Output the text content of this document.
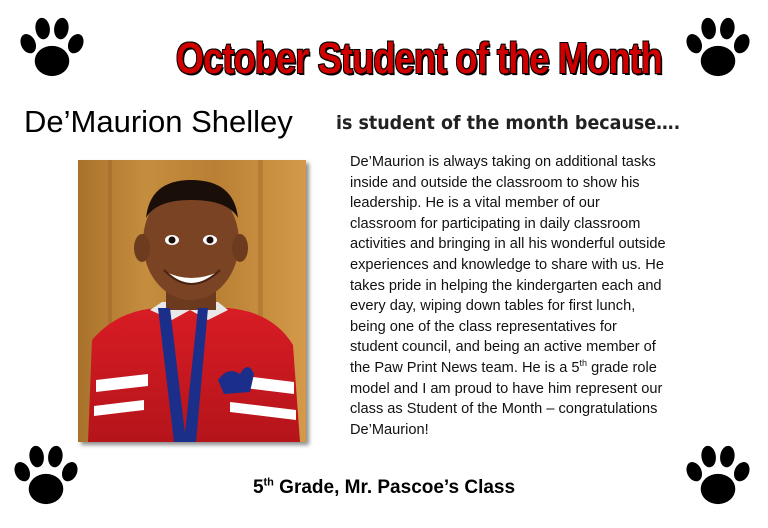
October Student of the Month
De’Maurion Shelley is student of the month because….
De’Maurion is always taking on additional tasks
inside and outside the classroom to show his
leadership. He is a vital member of our
classroom for participating in daily classroom
activities and bringing in all his wonderful outside
experiences and knowledge to share with us. He
takes pride in helping the kindergarten each and
every day, wiping down tables for first lunch,
being one of the class representatives for
student council, and being an active member of
the Paw Print News team. He is a 5th grade role
model and I am proud to have him represent our
class as Student of the Month – congratulations
De’Maurion!
5th Grade, Mr. Pascoe’s Class
